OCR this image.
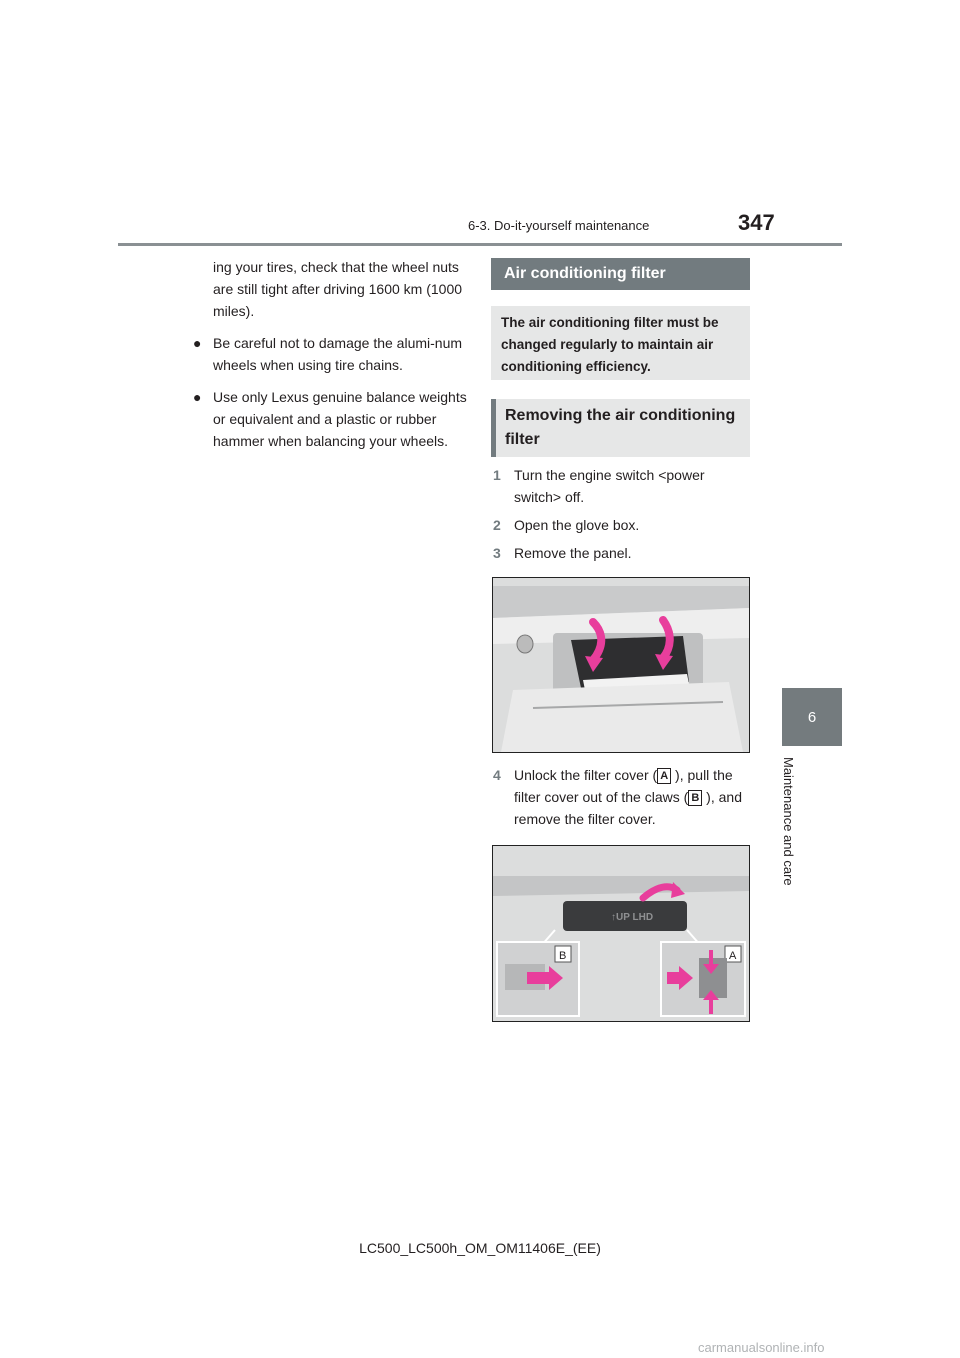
6-3. Do-it-yourself maintenance	347
6
Maintenance and care

ing your tires, check that the wheel nuts are still tight after driving 1600 km (1000 miles).

● Be careful not to damage the alumi-num wheels when using tire chains.

● Use only Lexus genuine balance weights or equivalent and a plastic or rubber hammer when balancing your wheels.

Air conditioning filter
The air conditioning filter must be changed regularly to maintain air conditioning efficiency.
Removing the air conditioning filter
1 Turn the engine switch <power switch> off.
2 Open the glove box.
3 Remove the panel.
4 Unlock the filter cover ( A ), pull the filter cover out of the claws ( B ), and remove the filter cover.
↑UP LHD
B	A
LC500_LC500h_OM_OM11406E_(EE)
carmanualsonline.info
